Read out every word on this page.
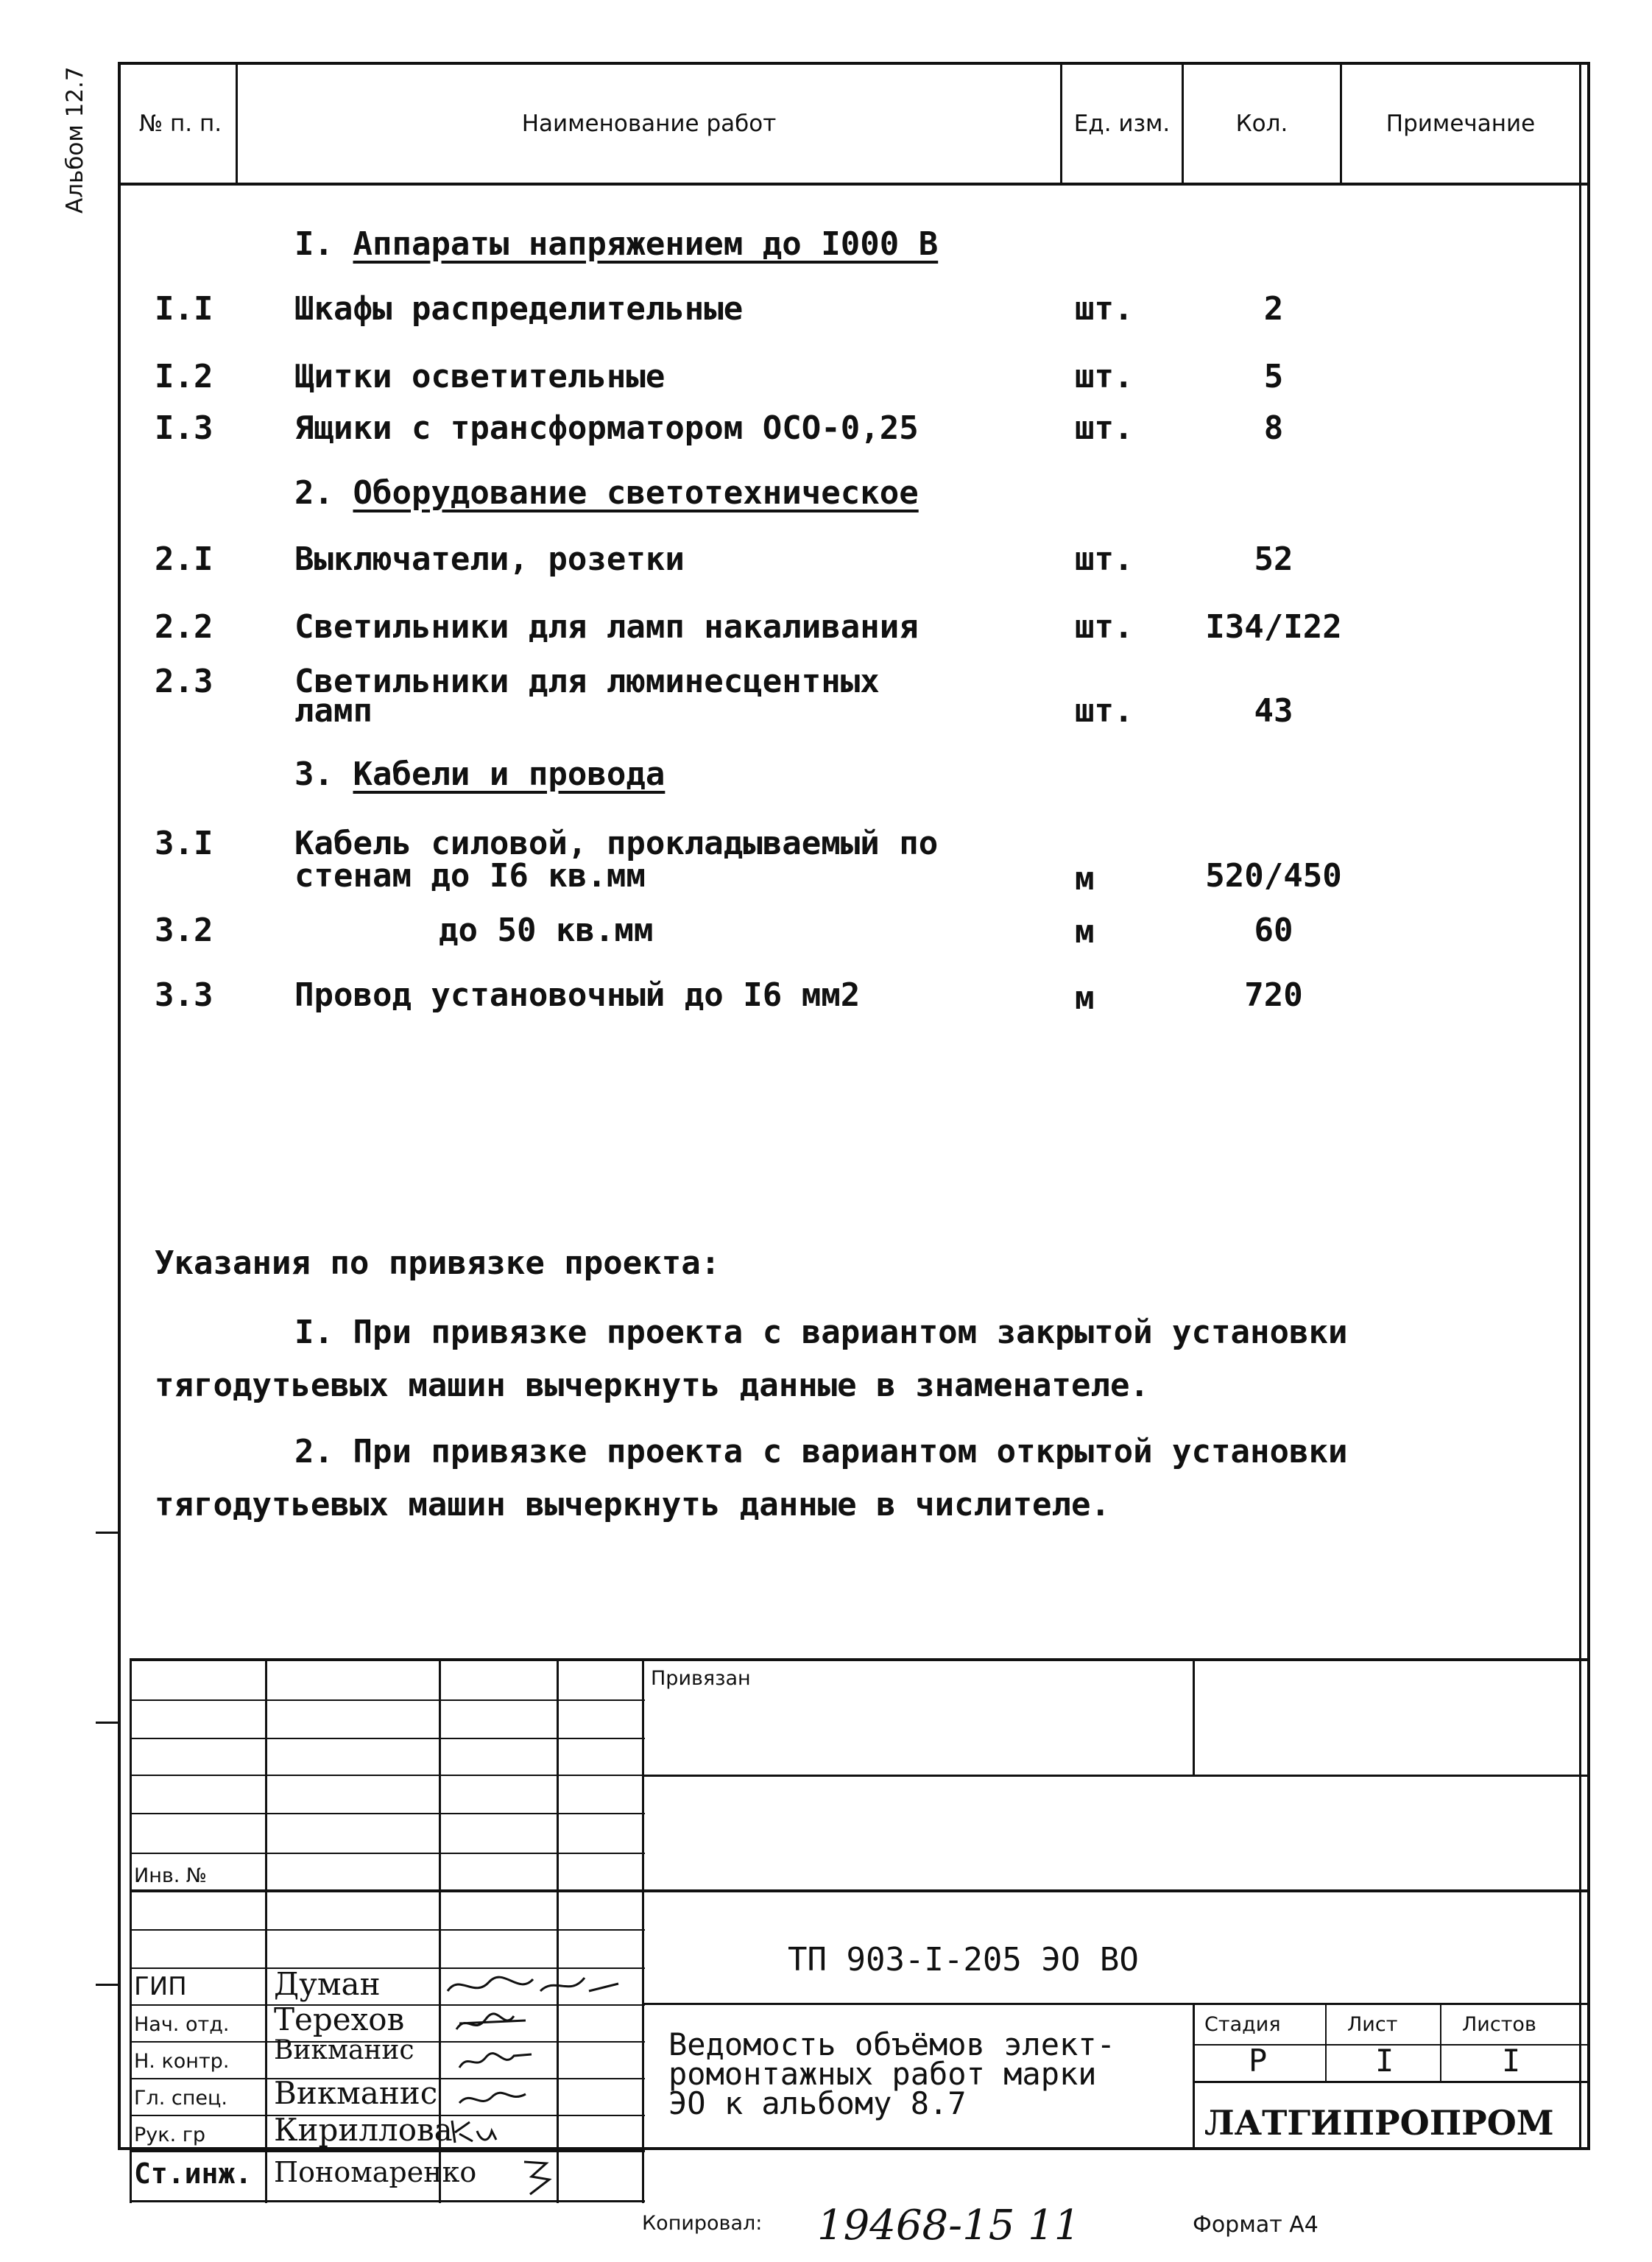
Альбом 12.7	№ п. п.	Наименование работ	Ед. изм.	Кол.	Примечание
I. Аппараты напряжением до I000 В
I.I	Шкафы распределительные	шт.	2
I.2	Щитки осветительные	шт.	5
I.3	Ящики с трансформатором ОСО-0,25	шт.	8
2. Оборудование светотехническое
2.I	Выключатели, розетки	шт.	52
2.2	Светильники для ламп накаливания	шт.	I34/I22
2.3	Светильники для люминесцентных
ламп	шт.	43
3. Кабели и провода
3.I	Кабель силовой, прокладываемый по
стенам до I6 кв.мм	м	520/450
3.2	до 50 кв.мм	м	60
3.3	Провод установочный до I6 мм2	м	720
Указания по привязке проекта:
I. При привязке проекта с вариантом закрытой установки
тягодутьевых машин вычеркнуть данные в знаменателе.
2. При привязке проекта с вариантом открытой установки
тягодутьевых машин вычеркнуть данные в числителе.
Привязан
Инв. №
ТП 903-I-205 ЭО ВО
Ведомость объёмов элект-
ромонтажных работ марки
ЭО к альбому 8.7
Стадия	Лист	Листов
Р	I	I
ЛАТГИПРОПРОМ
ГИП	Думан
Нач. отд. Терехов
Н. контр. Викманис
Гл. спец. Викманис
Рук. гр Кириллова
Ст.инж. Пономаренко
Копировал: 19468-15 11	Формат А4
